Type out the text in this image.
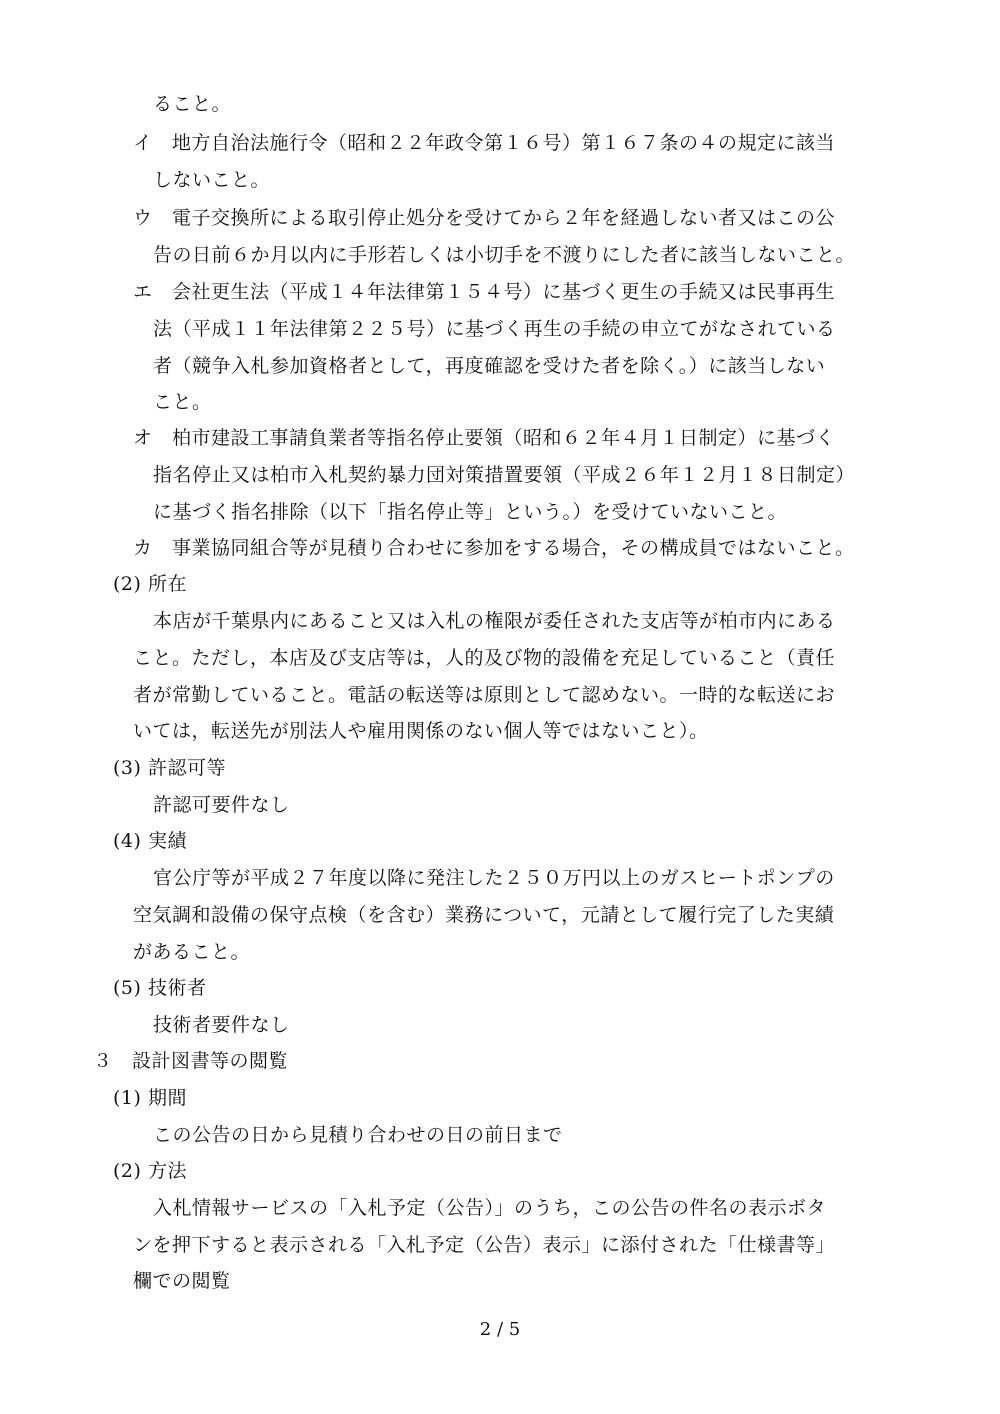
ること。
イ　地方自治法施行令（昭和２２年政令第１６号）第１６７条の４の規定に該当
しないこと。
ウ　電子交換所による取引停止処分を受けてから２年を経過しない者又はこの公
告の日前６か月以内に手形若しくは小切手を不渡りにした者に該当しないこと。
エ　会社更生法（平成１４年法律第１５４号）に基づく更生の手続又は民事再生
法（平成１１年法律第２２５号）に基づく再生の手続の申立てがなされている
者（競争入札参加資格者として，再度確認を受けた者を除く。）に該当しない
こと。
オ　柏市建設工事請負業者等指名停止要領（昭和６２年４月１日制定）に基づく
指名停止又は柏市入札契約暴力団対策措置要領（平成２６年１２月１８日制定）
に基づく指名排除（以下「指名停止等」という。）を受けていないこと。
カ　事業協同組合等が見積り合わせに参加をする場合，その構成員ではないこと。
(2) 所在
本店が千葉県内にあること又は入札の権限が委任された支店等が柏市内にある
こと。ただし，本店及び支店等は，人的及び物的設備を充足していること（責任
者が常勤していること。電話の転送等は原則として認めない。一時的な転送にお
いては，転送先が別法人や雇用関係のない個人等ではないこと）。
(3) 許認可等
許認可要件なし
(4) 実績
官公庁等が平成２７年度以降に発注した２５０万円以上のガスヒートポンプの
空気調和設備の保守点検（を含む）業務について，元請として履行完了した実績
があること。
(5) 技術者
技術者要件なし
３　設計図書等の閲覧
(1) 期間
この公告の日から見積り合わせの日の前日まで
(2) 方法
入札情報サービスの「入札予定（公告）」のうち，この公告の件名の表示ボタ
ンを押下すると表示される「入札予定（公告）表示」に添付された「仕様書等」
欄での閲覧
2 / 5
